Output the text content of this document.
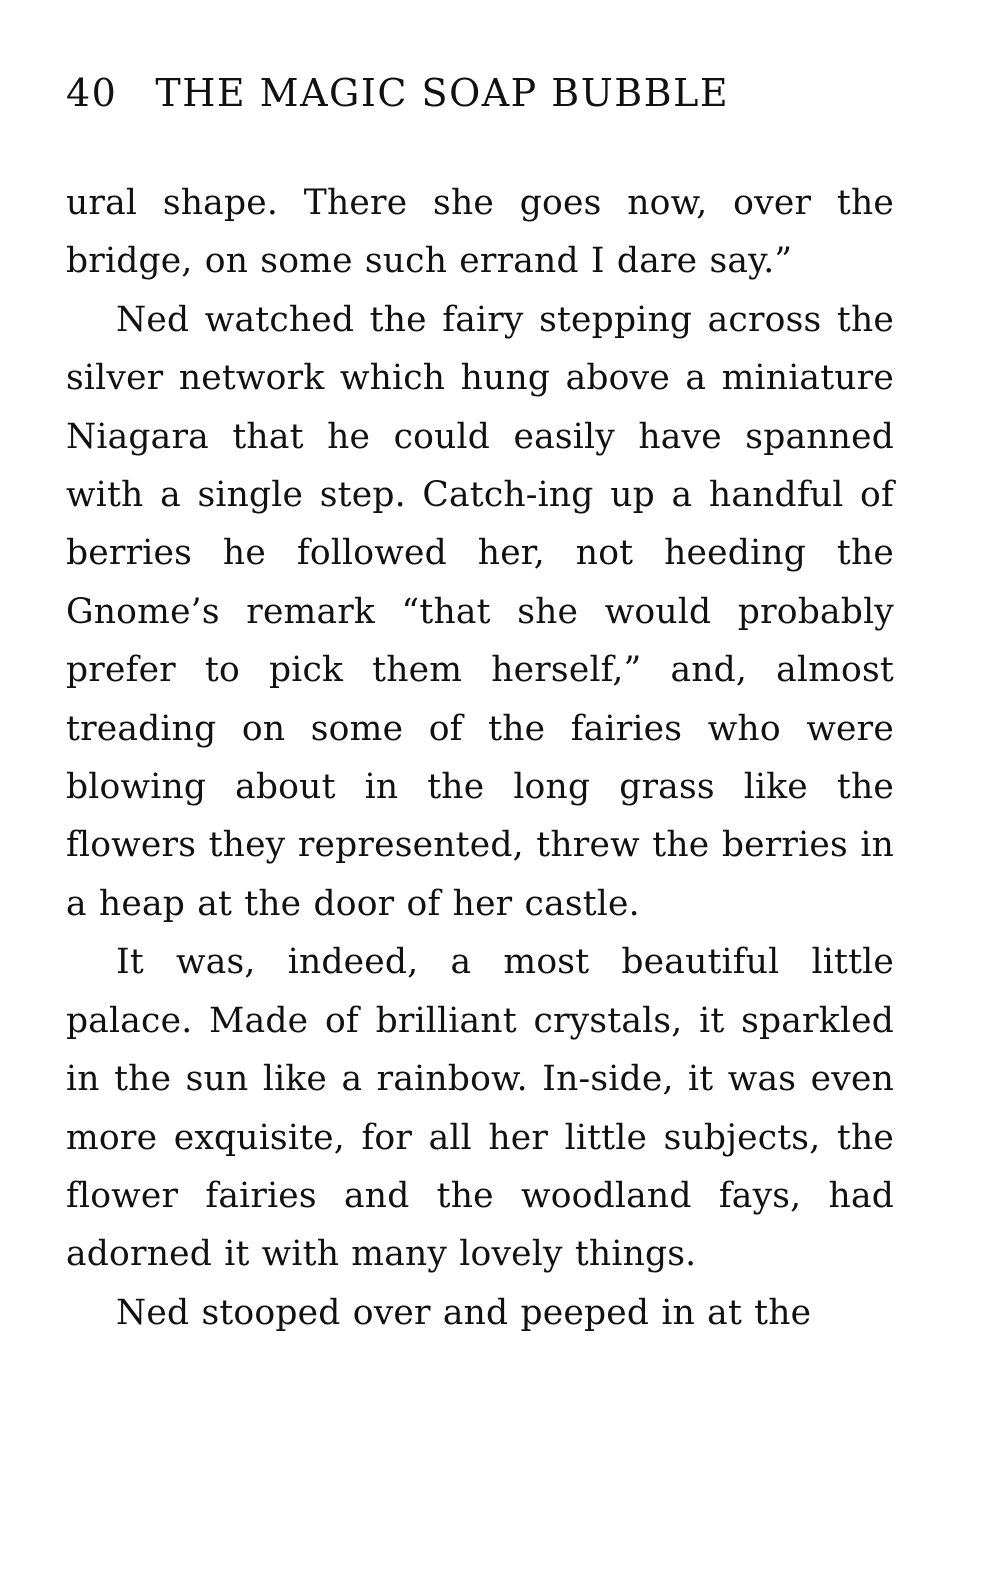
40 THE MAGIC SOAP BUBBLE

ural shape. There she goes now, over the bridge, on some such errand I dare say.”

Ned watched the fairy stepping across the silver network which hung above a miniature Niagara that he could easily have spanned with a single step. Catch-ing up a handful of berries he followed her, not heeding the Gnome’s remark “that she would probably prefer to pick them herself,” and, almost treading on some of the fairies who were blowing about in the long grass like the flowers they represented, threw the berries in a heap at the door of her castle.

It was, indeed, a most beautiful little palace. Made of brilliant crystals, it sparkled in the sun like a rainbow. In-side, it was even more exquisite, for all her little subjects, the flower fairies and the woodland fays, had adorned it with many lovely things.

Ned stooped over and peeped in at the
